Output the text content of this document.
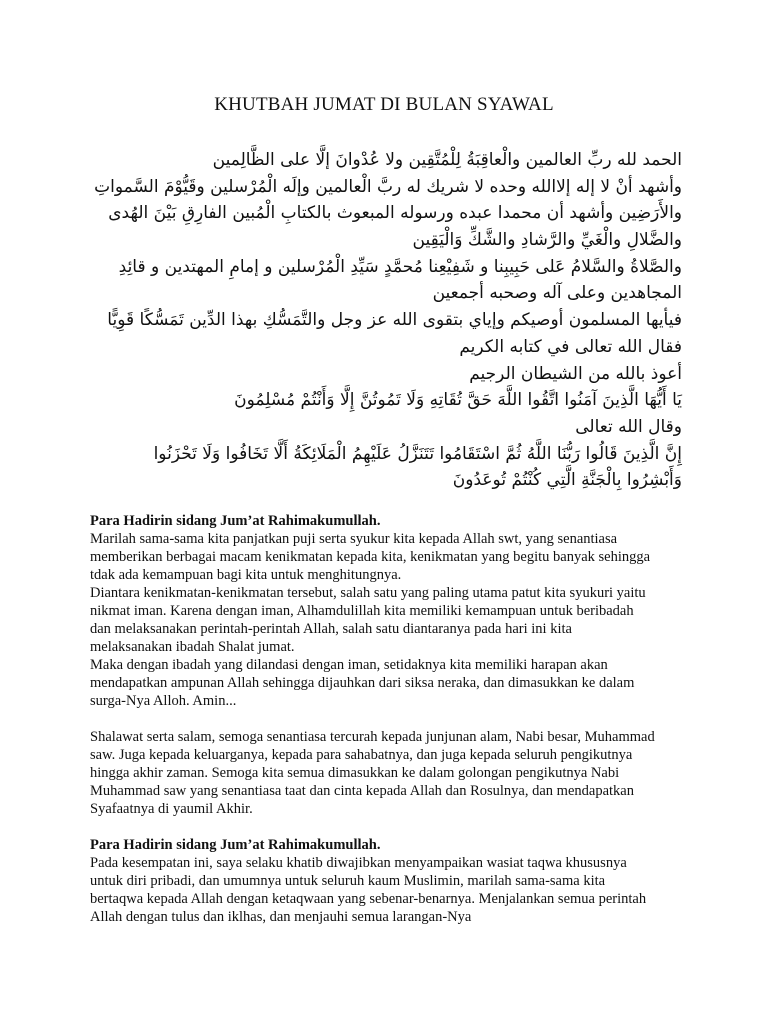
KHUTBAH JUMAT DI BULAN SYAWAL
الحمد لله ربِّ العالمين والْعاقِبَةُ لِلْمُتَّقِين ولا عُدْوانَ إلَّا على الظَّالِمين
وأشهد أنْ لا إله إلاالله وحده لا شريك له ربَّ الْعالمين وإلَه الْمُرْسلين وقَيُّوْمَ السَّمواتِ
والأَرَضِين وأشهد أن محمدا عبده ورسوله المبعوث بالكتابِ الْمُبين الفارِقِ بَيْنَ الهُدى
والضَّلالِ والْغَيِّ والرَّشادِ والشَّكِّ وَالْيَقِين
والصَّلاةُ والسَّلامُ عَلى حَبِيبِنا و شَفِيْعِنا مُحمَّدٍ سَيِّدِ الْمُرْسلين و إمامِ المهتدين و قائِدِ
المجاهدين وعلى آله وصحبه أجمعين
فيأيها المسلمون أوصيكم وإياي بتقوى الله عز وجل والتَّمَسُّكِ بهذا الدِّين تَمَسُّكًا قَوِيًّا
فقال الله تعالى في كتابه الكريم
أعوذ بالله من الشيطان الرجيم
يَا أَيُّهَا الَّذِينَ آمَنُوا اتَّقُوا اللَّهَ حَقَّ تُقَاتِهِ وَلَا تَمُوتُنَّ إِلَّا وَأَنْتُمْ مُسْلِمُونَ
وقال الله تعالى
إِنَّ الَّذِينَ قَالُوا رَبُّنَا اللَّهُ ثُمَّ اسْتَقَامُوا تَتَنَزَّلُ عَلَيْهِمُ الْمَلَائِكَةُ أَلَّا تَخَافُوا وَلَا تَحْزَنُوا
وَأَبْشِرُوا بِالْجَنَّةِ الَّتِي كُنْتُمْ تُوعَدُونَ
Para Hadirin sidang Jum’at Rahimakumullah.
Marilah sama-sama kita panjatkan puji serta syukur kita kepada Allah swt, yang senantiasa
memberikan berbagai macam kenikmatan kepada kita, kenikmatan yang begitu banyak sehingga
tdak ada kemampuan bagi kita untuk menghitungnya.
Diantara kenikmatan-kenikmatan tersebut, salah satu yang paling utama patut kita syukuri yaitu
nikmat iman. Karena dengan iman, Alhamdulillah kita memiliki kemampuan untuk beribadah
dan melaksanakan perintah-perintah Allah, salah satu diantaranya pada hari ini kita
melaksanakan ibadah Shalat jumat.
Maka dengan ibadah yang dilandasi dengan iman, setidaknya kita memiliki harapan akan
mendapatkan ampunan Allah sehingga dijauhkan dari siksa neraka, dan dimasukkan ke dalam
surga-Nya Alloh. Amin...
Shalawat serta salam, semoga senantiasa tercurah kepada junjunan alam, Nabi besar, Muhammad
saw. Juga kepada keluarganya, kepada para sahabatnya, dan juga kepada seluruh pengikutnya
hingga akhir zaman. Semoga kita semua dimasukkan ke dalam golongan pengikutnya Nabi
Muhammad saw yang senantiasa taat dan cinta kepada Allah dan Rosulnya, dan mendapatkan
Syafaatnya di yaumil Akhir.
Para Hadirin sidang Jum’at Rahimakumullah.
Pada kesempatan ini, saya selaku khatib diwajibkan menyampaikan wasiat taqwa khususnya
untuk diri pribadi, dan umumnya untuk seluruh kaum Muslimin, marilah sama-sama kita
bertaqwa kepada Allah dengan ketaqwaan yang sebenar-benarnya. Menjalankan semua perintah
Allah dengan tulus dan iklhas, dan menjauhi semua larangan-Nya
